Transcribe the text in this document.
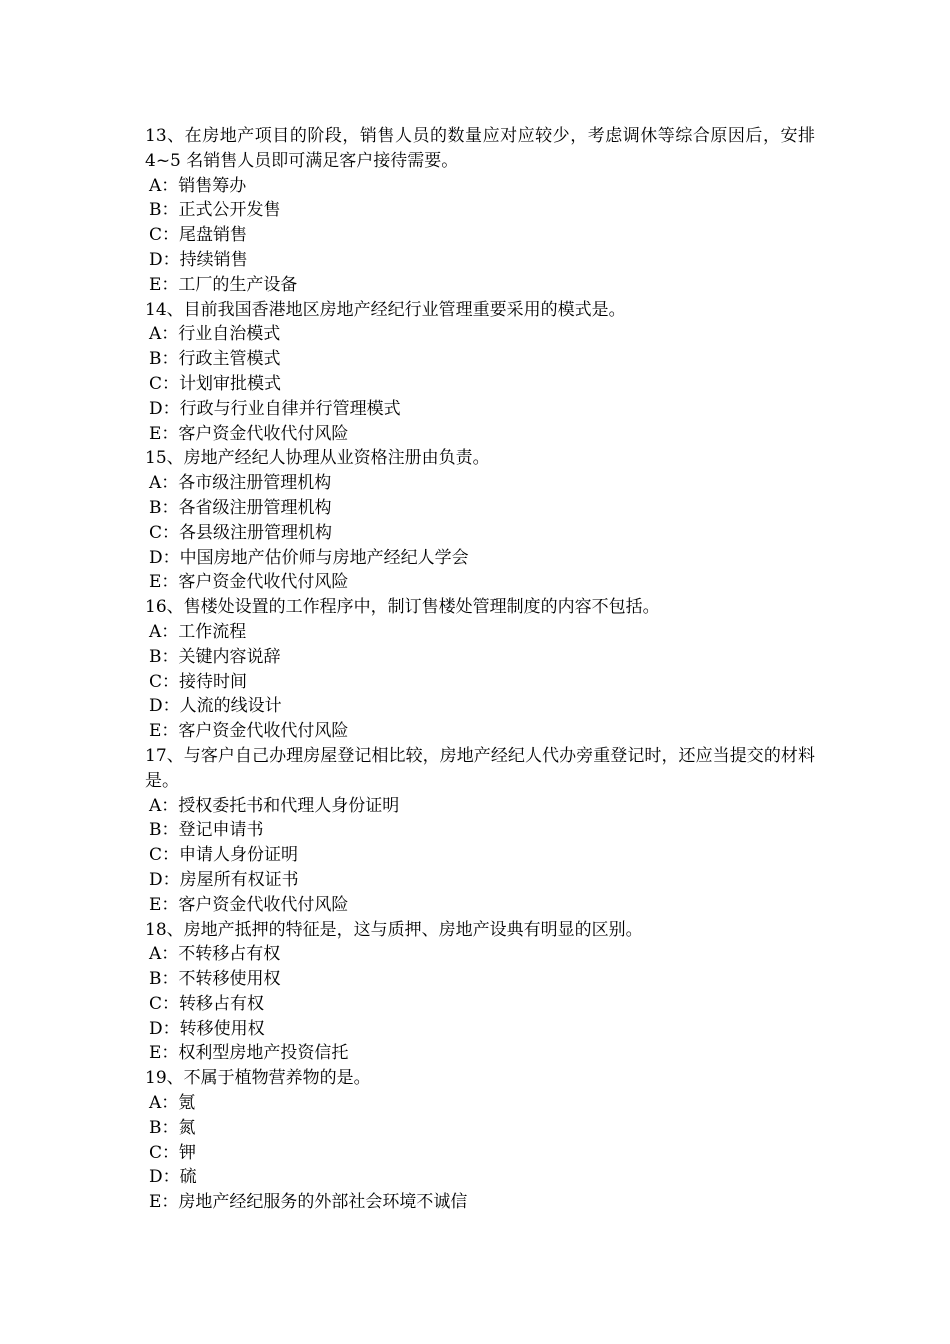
13、在房地产项目的阶段，销售人员的数量应对应较少，考虑调休等综合原因后，安排 4~5 名销售人员即可满足客户接待需要。

A：销售筹办

B：正式公开发售

C：尾盘销售

D：持续销售

E：工厂的生产设备

14、目前我国香港地区房地产经纪行业管理重要采用的模式是。

A：行业自治模式

B：行政主管模式

C：计划审批模式

D：行政与行业自律并行管理模式

E：客户资金代收代付风险

15、房地产经纪人协理从业资格注册由负责。

A：各市级注册管理机构

B：各省级注册管理机构

C：各县级注册管理机构

D：中国房地产估价师与房地产经纪人学会

E：客户资金代收代付风险

16、售楼处设置的工作程序中，制订售楼处管理制度的内容不包括。

A：工作流程

B：关键内容说辞

C：接待时间

D：人流的线设计

E：客户资金代收代付风险

17、与客户自己办理房屋登记相比较，房地产经纪人代办旁重登记时，还应当提交的材料是。

A：授权委托书和代理人身份证明

B：登记申请书

C：申请人身份证明

D：房屋所有权证书

E：客户资金代收代付风险

18、房地产抵押的特征是，这与质押、房地产设典有明显的区别。

A：不转移占有权

B：不转移使用权

C：转移占有权

D：转移使用权

E：权利型房地产投资信托

19、不属于植物营养物的是。

A：氪

B：氮

C：钾

D：硫

E：房地产经纪服务的外部社会环境不诚信
